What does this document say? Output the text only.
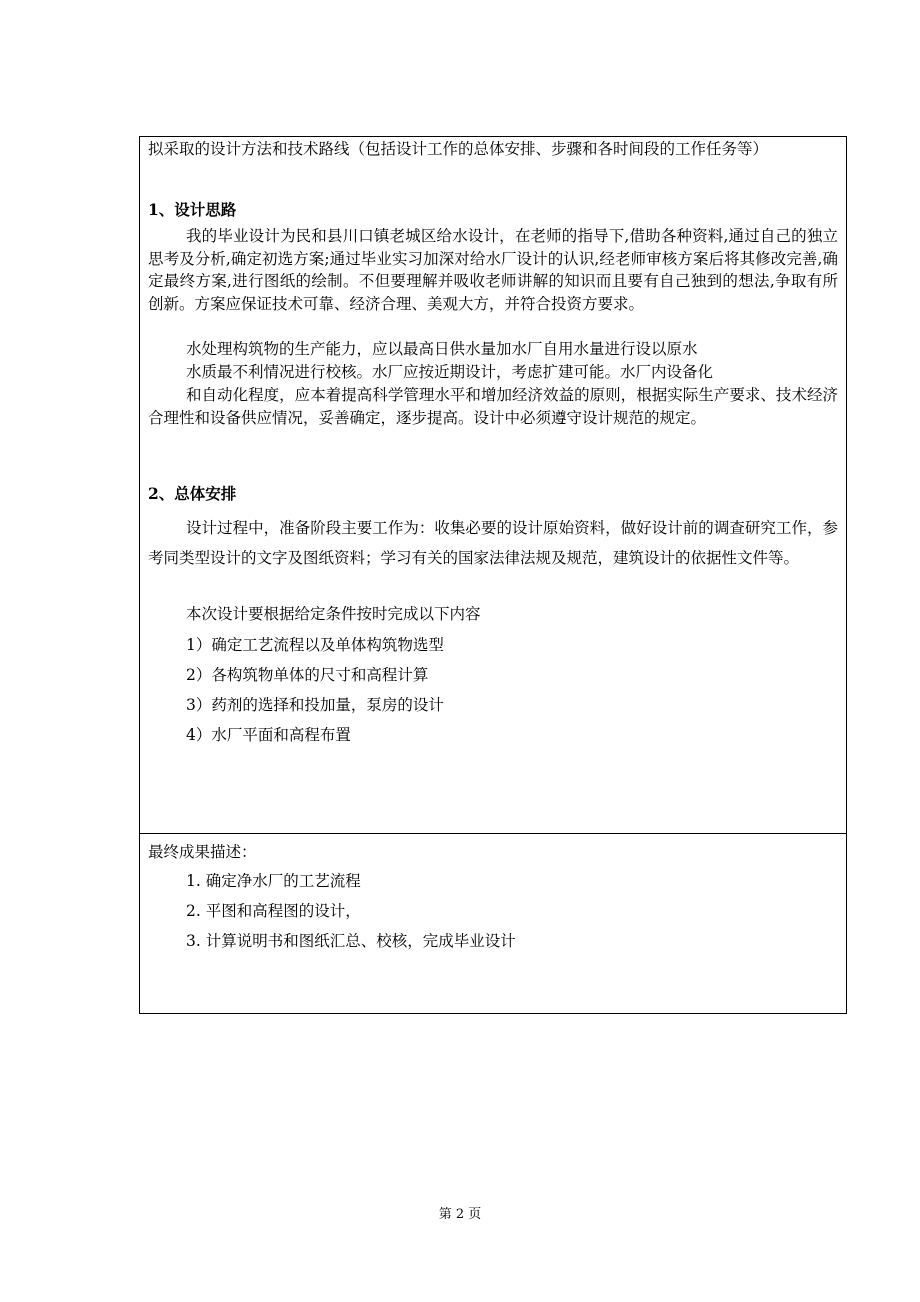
拟采取的设计方法和技术路线（包括设计工作的总体安排、步骤和各时间段的工作任务等）
1、设计思路
我的毕业设计为民和县川口镇老城区给水设计，在老师的指导下,借助各种资料,通过自己的独立思考及分析,确定初选方案;通过毕业实习加深对给水厂设计的认识,经老师审核方案后将其修改完善,确定最终方案,进行图纸的绘制。不但要理解并吸收老师讲解的知识而且要有自己独到的想法,争取有所创新。方案应保证技术可靠、经济合理、美观大方，并符合投资方要求。
水处理构筑物的生产能力，应以最高日供水量加水厂自用水量进行设以原水
水质最不利情况进行校核。水厂应按近期设计，考虑扩建可能。水厂内设备化
和自动化程度，应本着提高科学管理水平和增加经济效益的原则，根据实际生产要求、技术经济合理性和设备供应情况，妥善确定，逐步提高。设计中必须遵守设计规范的规定。
2、总体安排
设计过程中，准备阶段主要工作为：收集必要的设计原始资料，做好设计前的调查研究工作，参考同类型设计的文字及图纸资料；学习有关的国家法律法规及规范，建筑设计的依据性文件等。
本次设计要根据给定条件按时完成以下内容
1）确定工艺流程以及单体构筑物选型
2）各构筑物单体的尺寸和高程计算
3）药剂的选择和投加量，泵房的设计
4）水厂平面和高程布置
最终成果描述：
1. 确定净水厂的工艺流程
2. 平图和高程图的设计，
3. 计算说明书和图纸汇总、校核，完成毕业设计
第 2 页
